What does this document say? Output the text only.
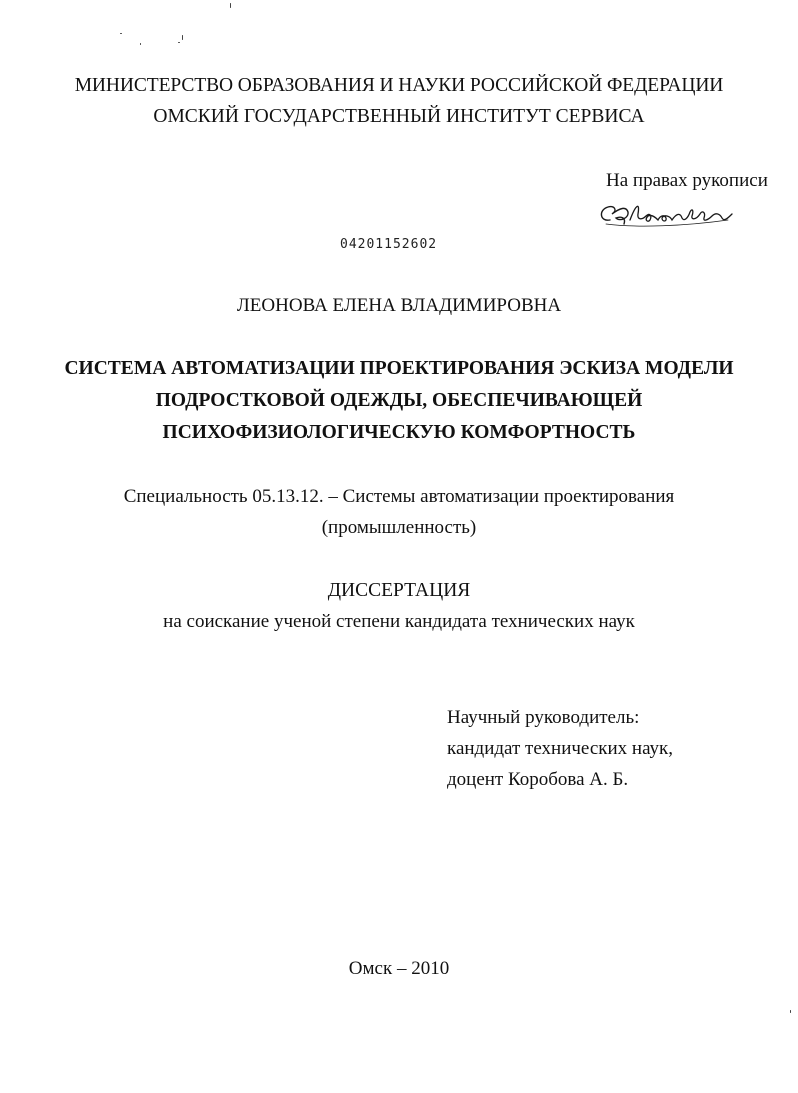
МИНИСТЕРСТВО ОБРАЗОВАНИЯ И НАУКИ РОССИЙСКОЙ ФЕДЕРАЦИИ
ОМСКИЙ ГОСУДАРСТВЕННЫЙ ИНСТИТУТ СЕРВИСА
На правах рукописи
04201152602
ЛЕОНОВА ЕЛЕНА ВЛАДИМИРОВНА
СИСТЕМА АВТОМАТИЗАЦИИ ПРОЕКТИРОВАНИЯ ЭСКИЗА МОДЕЛИ
ПОДРОСТКОВОЙ ОДЕЖДЫ, ОБЕСПЕЧИВАЮЩЕЙ
ПСИХОФИЗИОЛОГИЧЕСКУЮ КОМФОРТНОСТЬ
Специальность 05.13.12. – Системы автоматизации проектирования
(промышленность)
ДИССЕРТАЦИЯ
на соискание ученой степени кандидата технических наук
Научный руководитель:
кандидат технических наук,
доцент Коробова А. Б.
Омск – 2010
